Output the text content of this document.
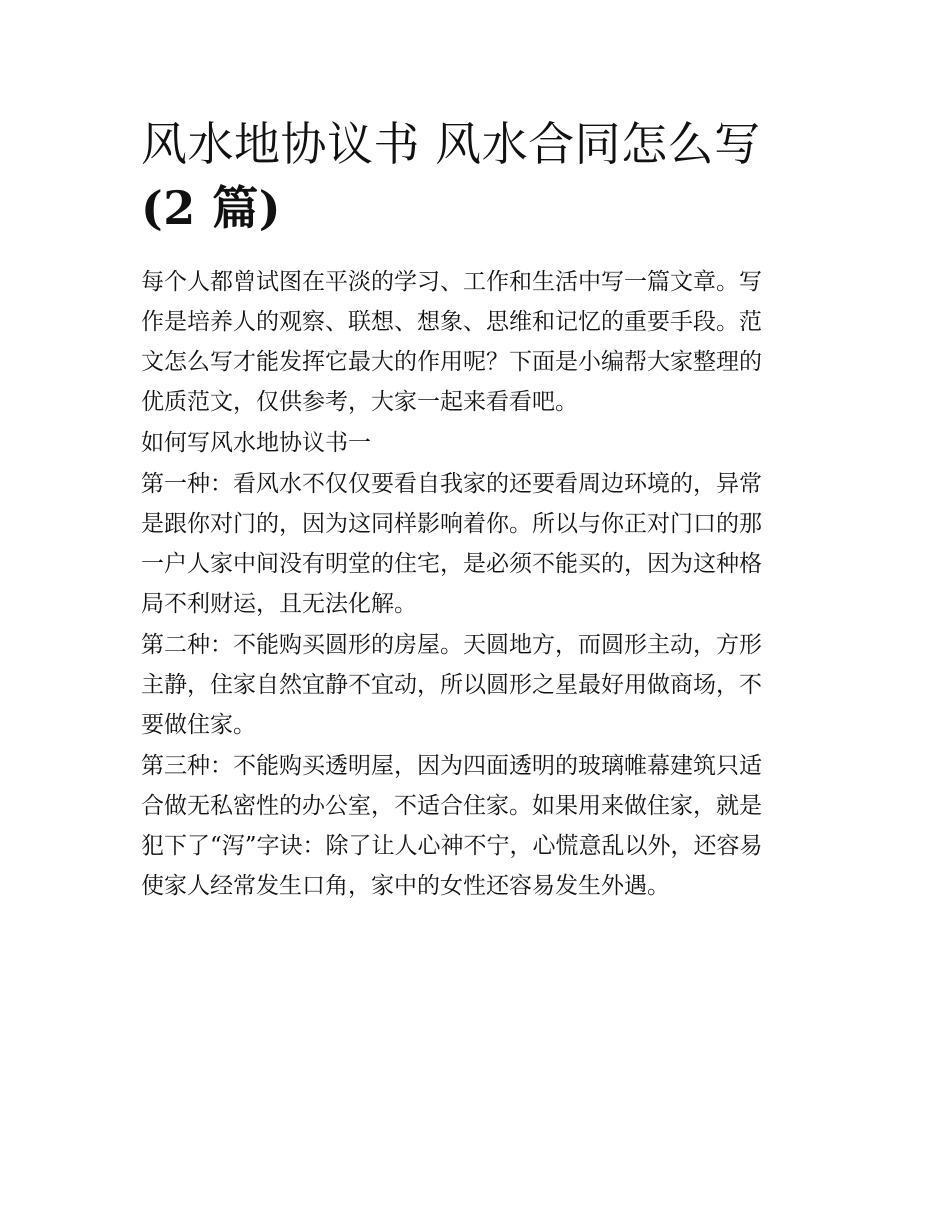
风水地协议书 风水合同怎么写
(2 篇)

每个人都曾试图在平淡的学习、工作和生活中写一篇文章。写
作是培养人的观察、联想、想象、思维和记忆的重要手段。范
文怎么写才能发挥它最大的作用呢？下面是小编帮大家整理的
优质范文，仅供参考，大家一起来看看吧。

如何写风水地协议书一

第一种：看风水不仅仅要看自我家的还要看周边环境的，异常
是跟你对门的，因为这同样影响着你。所以与你正对门口的那
一户人家中间没有明堂的住宅，是必须不能买的，因为这种格
局不利财运，且无法化解。

第二种：不能购买圆形的房屋。天圆地方，而圆形主动，方形
主静，住家自然宜静不宜动，所以圆形之星最好用做商场，不
要做住家。

第三种：不能购买透明屋，因为四面透明的玻璃帷幕建筑只适
合做无私密性的办公室，不适合住家。如果用来做住家，就是
犯下了“泻”字诀：除了让人心神不宁，心慌意乱以外，还容易
使家人经常发生口角，家中的女性还容易发生外遇。
